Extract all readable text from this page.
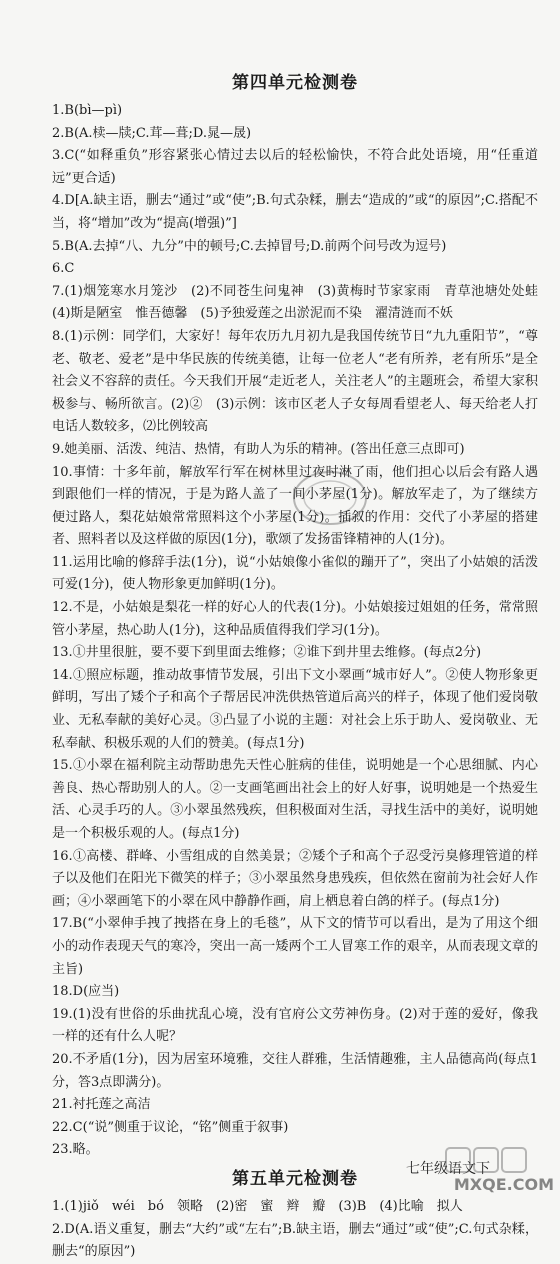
第四单元检测卷

1.B(bì—pì)

2.B(A.椟—牍;C.茸—葺;D.晁—晟)

3.C(“如释重负”形容紧张心情过去以后的轻松愉快，不符合此处语境，用“任重道远”更合适)

4.D[A.缺主语，删去“通过”或“使”;B.句式杂糅，删去“造成的”或“的原因”;C.搭配不当，将“增加”改为“提高(增强)”]

5.B(A.去掉“八、九分”中的顿号;C.去掉冒号;D.前两个问号改为逗号)

6.C

7.(1)烟笼寒水月笼沙　(2)不同苍生问鬼神　(3)黄梅时节家家雨　青草池塘处处蛙　(4)斯是陋室　惟吾德馨　(5)予独爱莲之出淤泥而不染　濯清涟而不妖

8.(1)示例：同学们，大家好！每年农历九月初九是我国传统节日“九九重阳节”，“尊老、敬老、爱老”是中华民族的传统美德，让每一位老人“老有所养，老有所乐”是全社会义不容辞的责任。今天我们开展“走近老人，关注老人”的主题班会，希望大家积极参与、畅所欲言。(2)②　(3)示例：该市区老人子女每周看望老人、每天给老人打电话人数较多，⑵比例较高

9.她美丽、活泼、纯洁、热情，有助人为乐的精神。(答出任意三点即可)

10.事情：十多年前，解放军行军在树林里过夜时淋了雨，他们担心以后会有路人遇到跟他们一样的情况，于是为路人盖了一间小茅屋(1分)。解放军走了，为了继续方便过路人，梨花姑娘常常照料这个小茅屋(1分)。插叙的作用：交代了小茅屋的搭建者、照料者以及这样做的原因(1分)，歌颂了发扬雷锋精神的人(1分)。

11.运用比喻的修辞手法(1分)，说“小姑娘像小雀似的蹦开了”，突出了小姑娘的活泼可爱(1分)，使人物形象更加鲜明(1分)。

12.不是，小姑娘是梨花一样的好心人的代表(1分)。小姑娘接过姐姐的任务，常常照管小茅屋，热心助人(1分)，这种品质值得我们学习(1分)。

13.①井里很脏，要不要下到里面去维修；②谁下到井里去维修。(每点2分)

14.①照应标题，推动故事情节发展，引出下文小翠画“城市好人”。②使人物形象更鲜明，写出了矮个子和高个子帮居民冲洗供热管道后高兴的样子，体现了他们爱岗敬业、无私奉献的美好心灵。③凸显了小说的主题：对社会上乐于助人、爱岗敬业、无私奉献、积极乐观的人们的赞美。(每点1分)

15.①小翠在福利院主动帮助患先天性心脏病的佳佳，说明她是一个心思细腻、内心善良、热心帮助别人的人。②一支画笔画出社会上的好人好事，说明她是一个热爱生活、心灵手巧的人。③小翠虽然残疾，但积极面对生活，寻找生活中的美好，说明她是一个积极乐观的人。(每点1分)

16.①高楼、群峰、小雪组成的自然美景；②矮个子和高个子忍受污臭修理管道的样子以及他们在阳光下微笑的样子；③小翠虽然身患残疾，但依然在窗前为社会好人作画；④小翠画笔下的小翠在风中静静作画，肩上栖息着白鸽的样子。(每点1分)

17.B(“小翠伸手拽了拽搭在身上的毛毯”，从下文的情节可以看出，是为了用这个细小的动作表现天气的寒冷，突出一高一矮两个工人冒寒工作的艰辛，从而表现文章的主旨)

18.D(应当)

19.(1)没有世俗的乐曲扰乱心境，没有官府公文劳神伤身。(2)对于莲的爱好，像我一样的还有什么人呢？

20.不矛盾(1分)，因为居室环境雅，交往人群雅，生活情趣雅，主人品德高尚(每点1分，答3点即满分)。

21.衬托莲之高洁

22.C(“说”侧重于议论，“铭”侧重于叙事)

23.略。

第五单元检测卷

1.(1)jiǒ　wéi　bó　领略　(2)密　蜜　辫　瓣　(3)B　(4)比喻　拟人

2.D(A.语义重复，删去“大约”或“左右”;B.缺主语，删去“通过”或“使”;C.句式杂糅，删去“的原因”)

七年级语文下
MXQE.COM
